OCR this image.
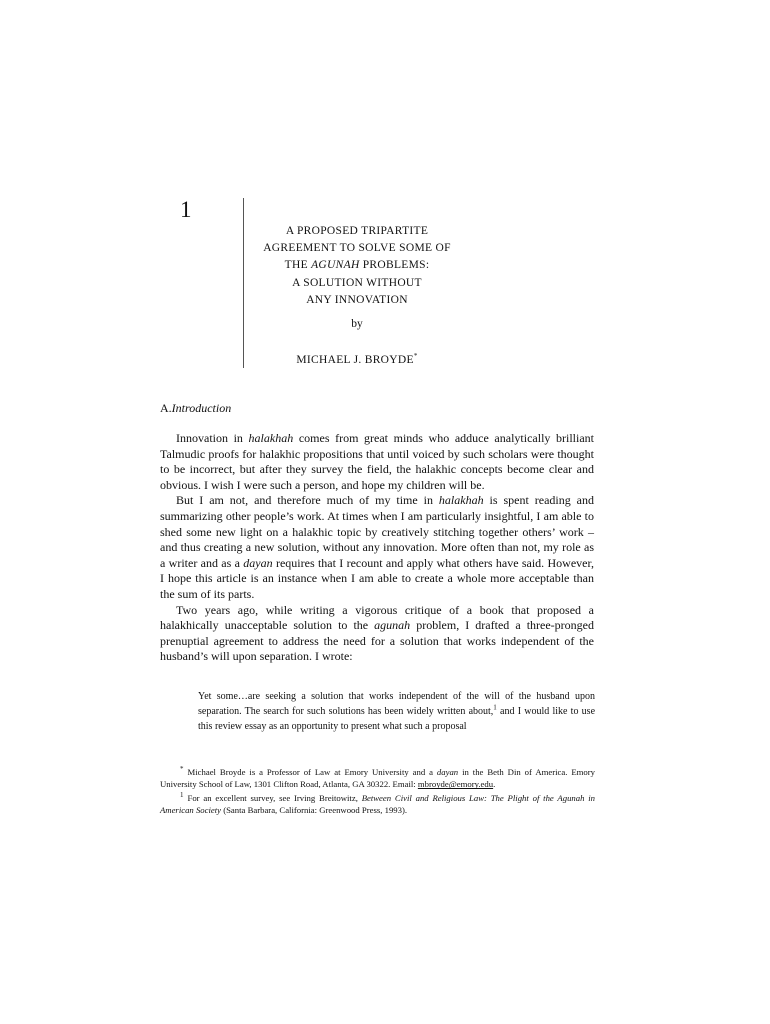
1
A PROPOSED TRIPARTITE
AGREEMENT TO SOLVE SOME OF
THE AGUNAH PROBLEMS:
A SOLUTION WITHOUT
ANY INNOVATION
by
MICHAEL J. BROYDE*
A.Introduction

Innovation in halakhah comes from great minds who adduce analytically brilliant Talmudic proofs for halakhic propositions that until voiced by such scholars were thought to be incorrect, but after they survey the field, the halakhic concepts become clear and obvious. I wish I were such a person, and hope my children will be.

But I am not, and therefore much of my time in halakhah is spent reading and summarizing other people’s work. At times when I am particularly insightful, I am able to shed some new light on a halakhic topic by creatively stitching together others’ work – and thus creating a new solution, without any innovation. More often than not, my role as a writer and as a dayan requires that I recount and apply what others have said. However, I hope this article is an instance when I am able to create a whole more acceptable than the sum of its parts.

Two years ago, while writing a vigorous critique of a book that proposed a halakhically unacceptable solution to the agunah problem, I drafted a three-pronged prenuptial agreement to address the need for a solution that works independent of the husband’s will upon separation. I wrote:

Yet some…are seeking a solution that works independent of the will of the husband upon separation. The search for such solutions has been widely written about,$^1$ and I would like to use this review essay as an opportunity to present what such a proposal

* Michael Broyde is a Professor of Law at Emory University and a dayan in the Beth Din of America. Emory University School of Law, 1301 Clifton Road, Atlanta, GA 30322. Email: mbroyde@emory.edu.

$^1$ For an excellent survey, see Irving Breitowitz, Between Civil and Religious Law: The Plight of the Agunah in American Society (Santa Barbara, California: Greenwood Press, 1993).
